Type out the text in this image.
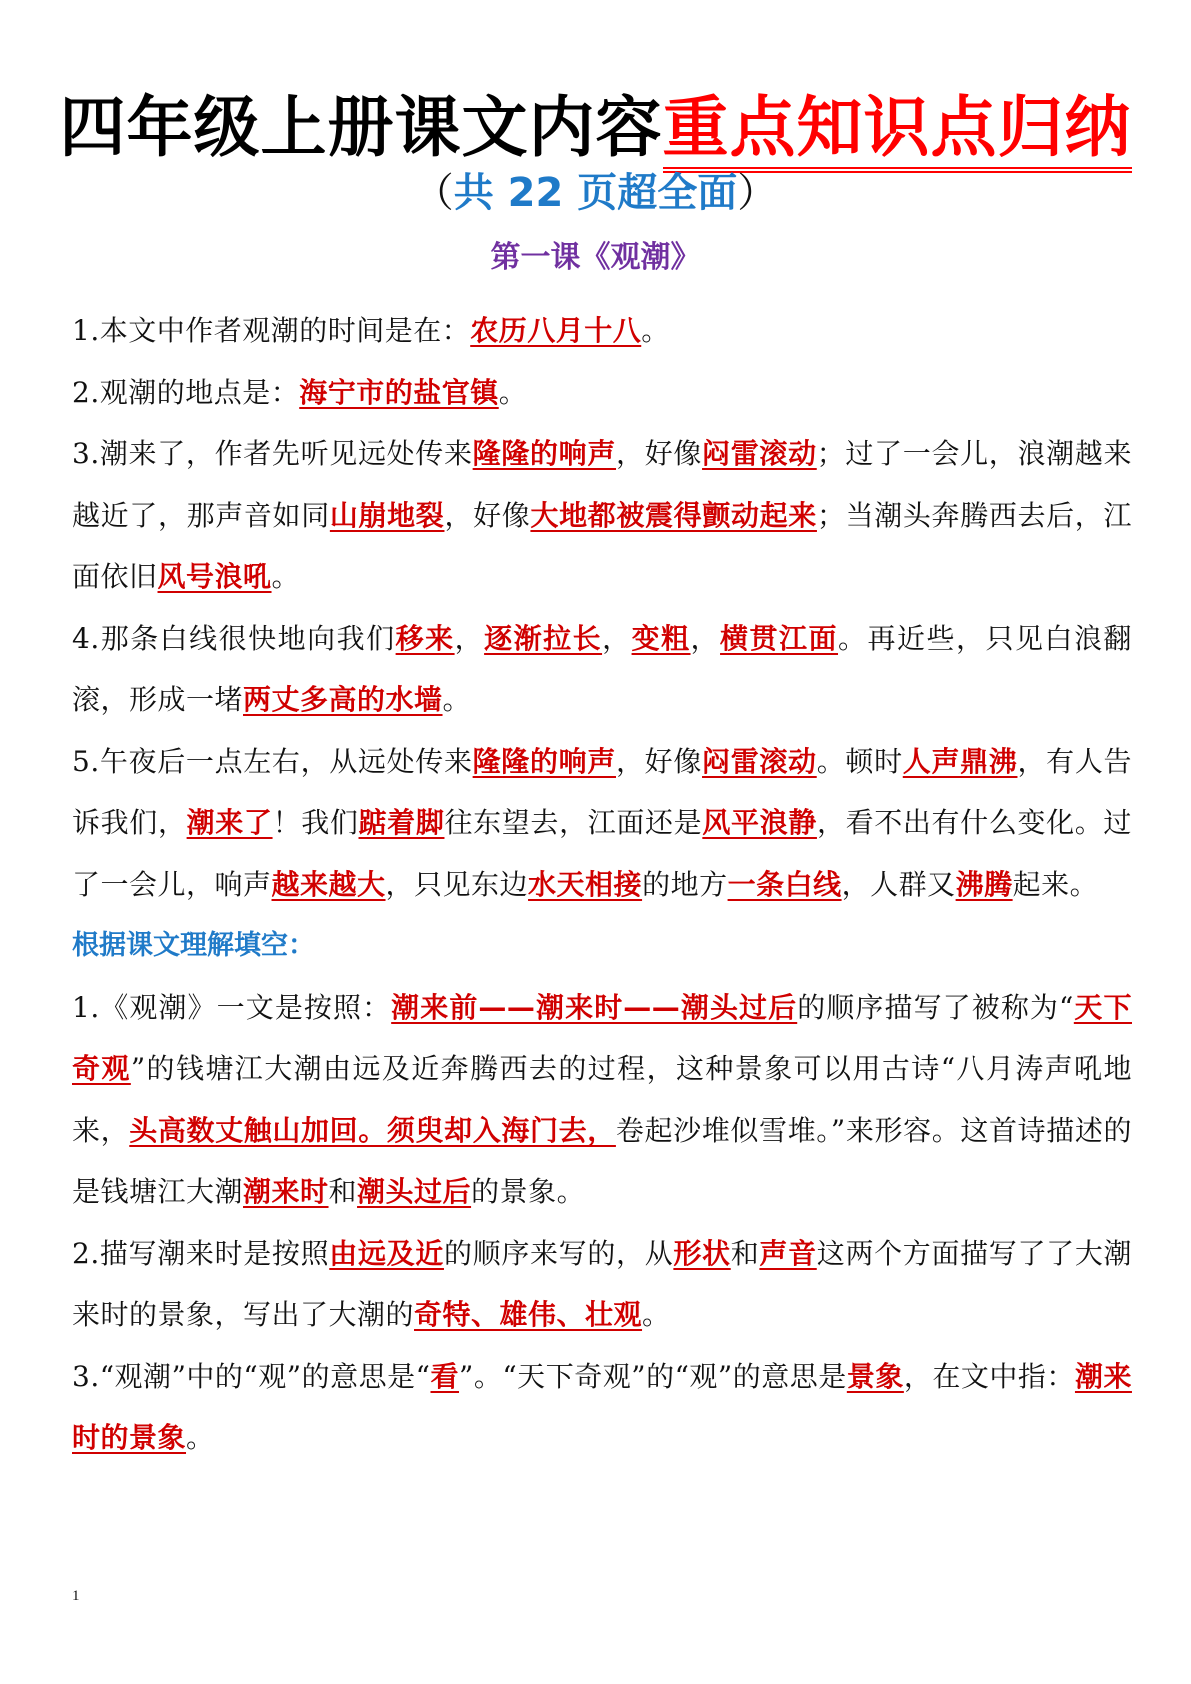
四年级上册课文内容重点知识点归纳
（共 22 页超全面）
第一课《观潮》

1.本文中作者观潮的时间是在：农历八月十八。

2.观潮的地点是：海宁市的盐官镇。

3.潮来了，作者先听见远处传来隆隆的响声，好像闷雷滚动；过了一会儿，浪潮越来越近了，那声音如同山崩地裂，好像大地都被震得颤动起来；当潮头奔腾西去后，江面依旧风号浪吼。

4.那条白线很快地向我们移来，逐渐拉长，变粗，横贯江面。再近些，只见白浪翻滚，形成一堵两丈多高的水墙。

5.午夜后一点左右，从远处传来隆隆的响声，好像闷雷滚动。顿时人声鼎沸，有人告诉我们，潮来了！我们踮着脚往东望去，江面还是风平浪静，看不出有什么变化。过了一会儿，响声越来越大，只见东边水天相接的地方一条白线，人群又沸腾起来。

根据课文理解填空：

1.《观潮》一文是按照：潮来前——潮来时——潮头过后的顺序描写了被称为“天下奇观”的钱塘江大潮由远及近奔腾西去的过程，这种景象可以用古诗“八月涛声吼地来，头高数丈触山加回。须臾却入海门去，卷起沙堆似雪堆。”来形容。这首诗描述的是钱塘江大潮潮来时和潮头过后的景象。

2.描写潮来时是按照由远及近的顺序来写的，从形状和声音这两个方面描写了了大潮来时的景象，写出了大潮的奇特、雄伟、壮观。

3.“观潮”中的“观”的意思是“看”。“天下奇观”的“观”的意思是景象，在文中指：潮来时的景象。

1
